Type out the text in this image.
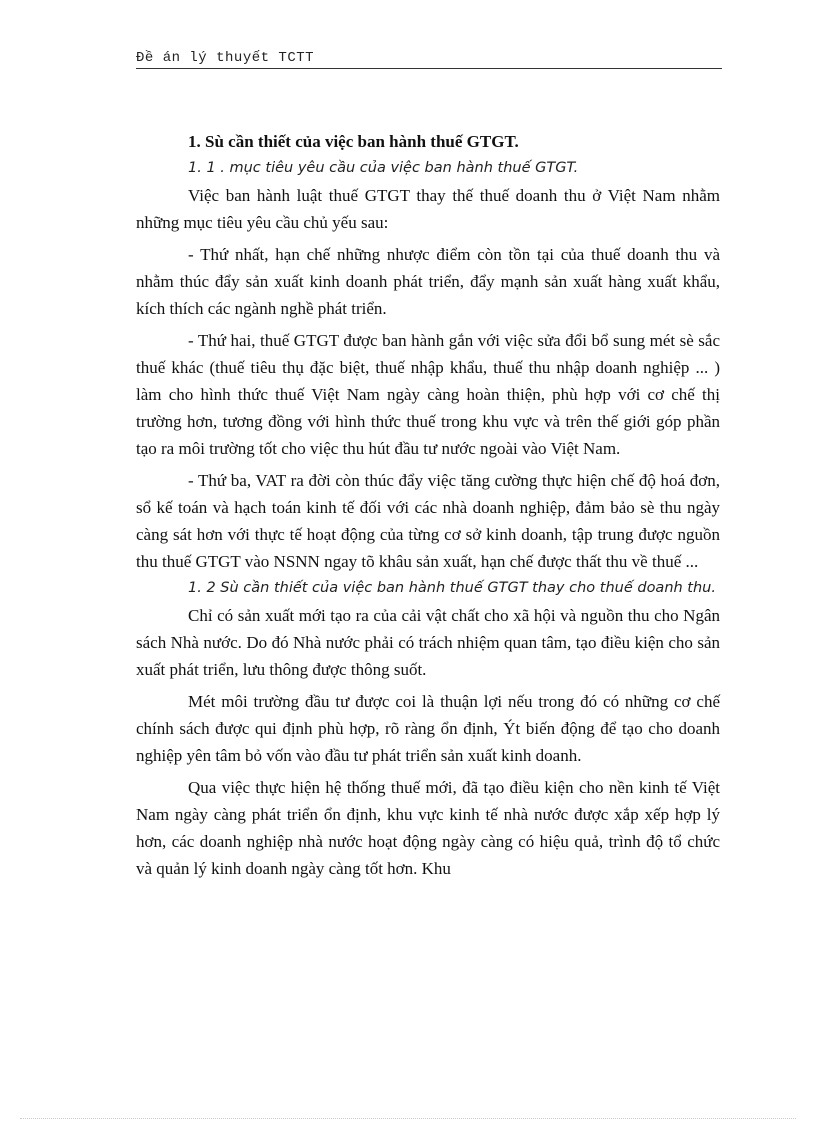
Đề án lý thuyết TCTT

1. Sù cần thiết của việc ban hành thuế GTGT.

1. 1 . mục tiêu yêu cầu của việc ban hành thuế GTGT.

Việc ban hành luật thuế GTGT thay thế thuế doanh thu ở Việt Nam nhằm những mục tiêu yêu cầu chủ yếu sau:

- Thứ nhất, hạn chế những nhược điểm còn tồn tại của thuế doanh thu và nhằm thúc đẩy sản xuất kinh doanh phát triển, đẩy mạnh sản xuất hàng xuất khẩu, kích thích các ngành nghề phát triển.

- Thứ hai, thuế GTGT được ban hành gắn với việc sửa đổi bổ sung mét sè sắc thuế khác (thuế tiêu thụ đặc biệt, thuế nhập khẩu, thuế thu nhập doanh nghiệp ... ) làm cho hình thức thuế Việt Nam ngày càng hoàn thiện, phù hợp với cơ chế thị trường hơn, tương đồng với hình thức thuế trong khu vực và trên thế giới góp phần tạo ra môi trường tốt cho việc thu hút đầu tư nước ngoài vào Việt Nam.

- Thứ ba, VAT ra đời còn thúc đẩy việc tăng cường thực hiện chế độ hoá đơn, sổ kế toán và hạch toán kinh tế đối với các nhà doanh nghiệp, đảm bảo sè thu ngày càng sát hơn với thực tế hoạt động của từng cơ sở kinh doanh, tập trung được nguồn thu thuế GTGT vào NSNN ngay tõ khâu sản xuất, hạn chế được thất thu về thuế ...

1. 2 Sù cần thiết của việc ban hành thuế GTGT thay cho thuế doanh thu.

Chỉ có sản xuất mới tạo ra của cải vật chất cho xã hội và nguồn thu cho Ngân sách Nhà nước. Do đó Nhà nước phải có trách nhiệm quan tâm, tạo điều kiện cho sản xuất phát triển, lưu thông được thông suốt.

Mét môi trường đầu tư được coi là thuận lợi nếu trong đó có những cơ chế chính sách được qui định phù hợp, rõ ràng ổn định, Ýt biến động để tạo cho doanh nghiệp yên tâm bỏ vốn vào đầu tư phát triển sản xuất kinh doanh.

Qua việc thực hiện hệ thống thuế mới, đã tạo điều kiện cho nền kinh tế Việt Nam ngày càng phát triển ổn định, khu vực kinh tế nhà nước được xắp xếp hợp lý hơn, các doanh nghiệp nhà nước hoạt động ngày càng có hiệu quả, trình độ tổ chức và quản lý kinh doanh ngày càng tốt hơn. Khu
